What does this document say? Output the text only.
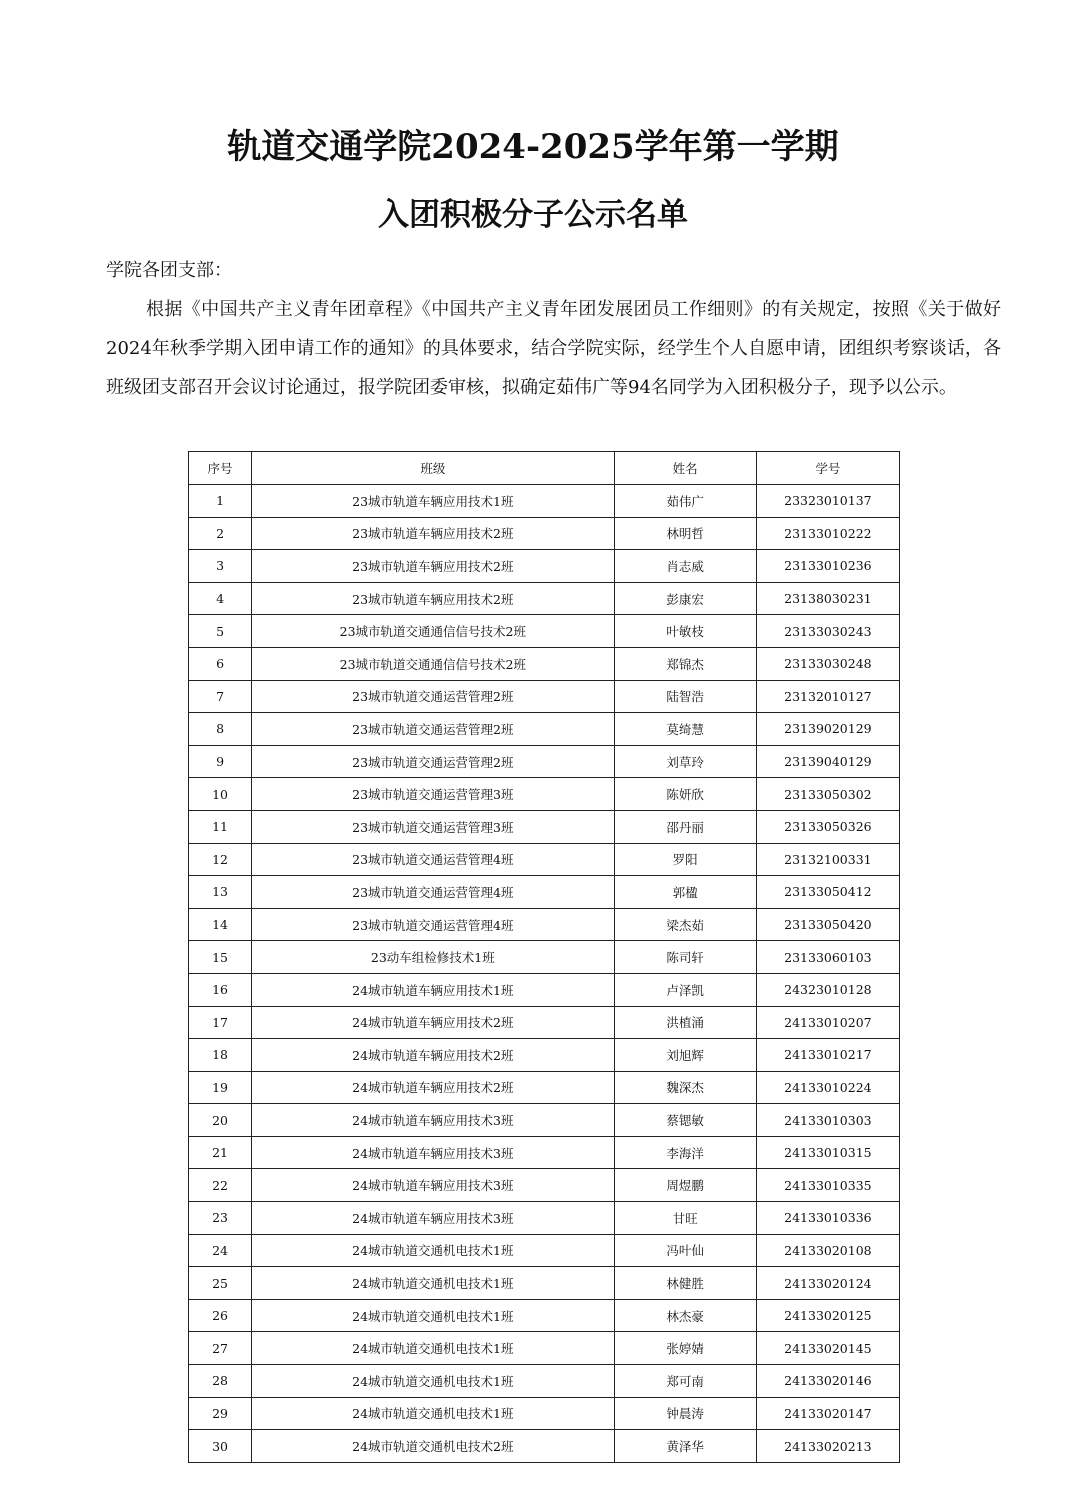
轨道交通学院2024-2025学年第一学期
入团积极分子公示名单
学院各团支部：

根据《中国共产主义青年团章程》《中国共产主义青年团发展团员工作细则》的有关规定，按照《关于做好2024年秋季学期入团申请工作的通知》的具体要求，结合学院实际，经学生个人自愿申请，团组织考察谈话，各班级团支部召开会议讨论通过，报学院团委审核，拟确定茹伟广等94名同学为入团积极分子，现予以公示。

序号	班级	姓名	学号
1	23城市轨道车辆应用技术1班	茹伟广	23323010137
2	23城市轨道车辆应用技术2班	林明哲	23133010222
3	23城市轨道车辆应用技术2班	肖志威	23133010236
4	23城市轨道车辆应用技术2班	彭康宏	23138030231
5	23城市轨道交通通信信号技术2班	叶敏枝	23133030243
6	23城市轨道交通通信信号技术2班	郑锦杰	23133030248
7	23城市轨道交通运营管理2班	陆智浩	23132010127
8	23城市轨道交通运营管理2班	莫绮慧	23139020129
9	23城市轨道交通运营管理2班	刘草玲	23139040129
10	23城市轨道交通运营管理3班	陈妍欣	23133050302
11	23城市轨道交通运营管理3班	邵丹丽	23133050326
12	23城市轨道交通运营管理4班	罗阳	23132100331
13	23城市轨道交通运营管理4班	郭楹	23133050412
14	23城市轨道交通运营管理4班	梁杰茹	23133050420
15	23动车组检修技术1班	陈司轩	23133060103
16	24城市轨道车辆应用技术1班	卢泽凯	24323010128
17	24城市轨道车辆应用技术2班	洪植涌	24133010207
18	24城市轨道车辆应用技术2班	刘旭辉	24133010217
19	24城市轨道车辆应用技术2班	魏深杰	24133010224
20	24城市轨道车辆应用技术3班	蔡锶敏	24133010303
21	24城市轨道车辆应用技术3班	李海洋	24133010315
22	24城市轨道车辆应用技术3班	周煜鹏	24133010335
23	24城市轨道车辆应用技术3班	甘旺	24133010336
24	24城市轨道交通机电技术1班	冯叶仙	24133020108
25	24城市轨道交通机电技术1班	林健胜	24133020124
26	24城市轨道交通机电技术1班	林杰豪	24133020125
27	24城市轨道交通机电技术1班	张婷婧	24133020145
28	24城市轨道交通机电技术1班	郑可南	24133020146
29	24城市轨道交通机电技术1班	钟晨涛	24133020147
30	24城市轨道交通机电技术2班	黄泽华	24133020213
